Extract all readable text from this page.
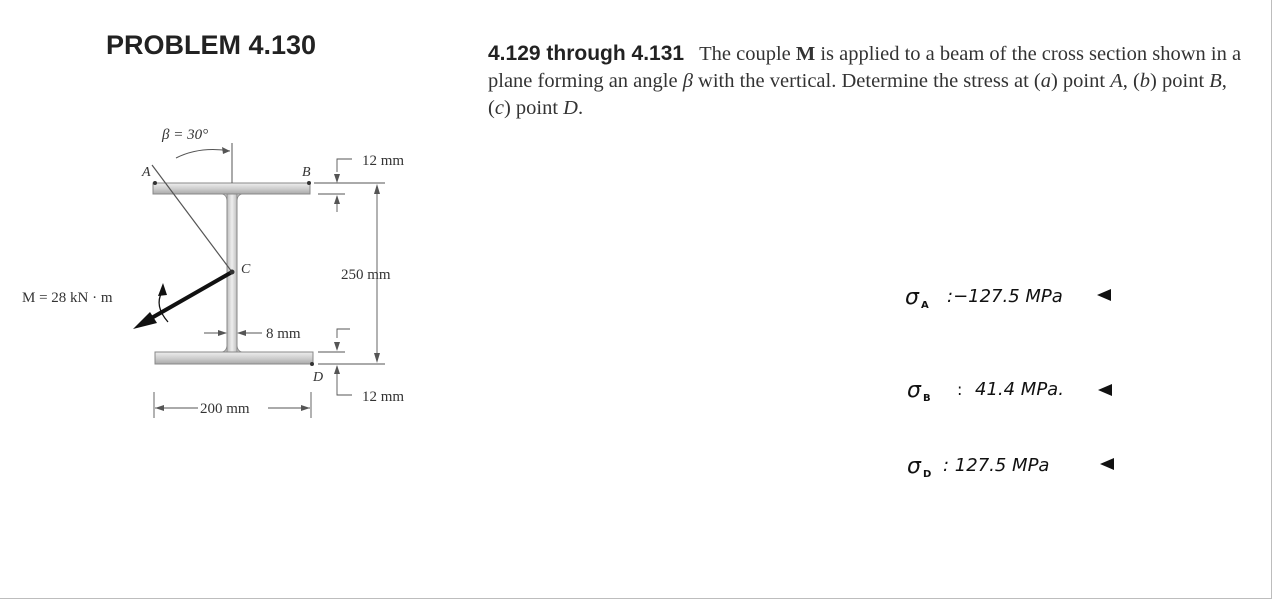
PROBLEM 4.130	4.129 through 4.131 The couple M is applied to a beam of the cross section shown in a plane forming an angle β with the vertical. Determine the stress at (a) point A, (b) point B, (c) point D.
β = 30°
A	B
C
D
M = 28 kN · m
12 mm
250 mm
8 mm
12 mm
200 mm
σ A :−127.5 MPa
σ B : 41.4 MPa.
σ D : 127.5 MPa
